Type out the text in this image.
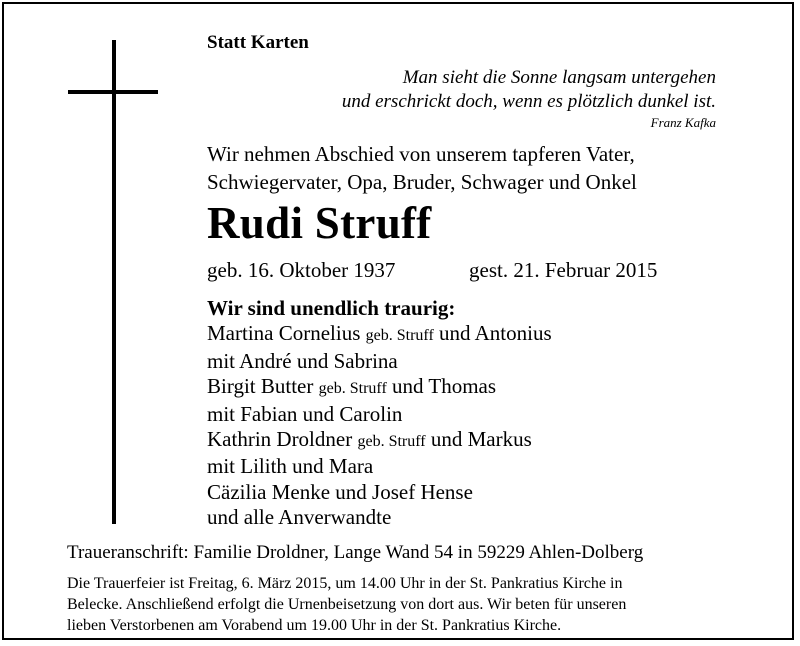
Statt Karten
Man sieht die Sonne langsam untergehen
und erschrickt doch, wenn es plötzlich dunkel ist.
Franz Kafka
Wir nehmen Abschied von unserem tapferen Vater,
Schwiegervater, Opa, Bruder, Schwager und Onkel
Rudi Struff
geb. 16. Oktober 1937	gest. 21. Februar 2015
Wir sind unendlich traurig:
Martina Cornelius geb. Struff und Antonius
mit André und Sabrina
Birgit Butter geb. Struff und Thomas
mit Fabian und Carolin
Kathrin Droldner geb. Struff und Markus
mit Lilith und Mara
Cäzilia Menke und Josef Hense
und alle Anverwandte
Traueranschrift: Familie Droldner, Lange Wand 54 in 59229 Ahlen-Dolberg
Die Trauerfeier ist Freitag, 6. März 2015, um 14.00 Uhr in der St. Pankratius Kirche in
Belecke. Anschließend erfolgt die Urnenbeisetzung von dort aus. Wir beten für unseren
lieben Verstorbenen am Vorabend um 19.00 Uhr in der St. Pankratius Kirche.
